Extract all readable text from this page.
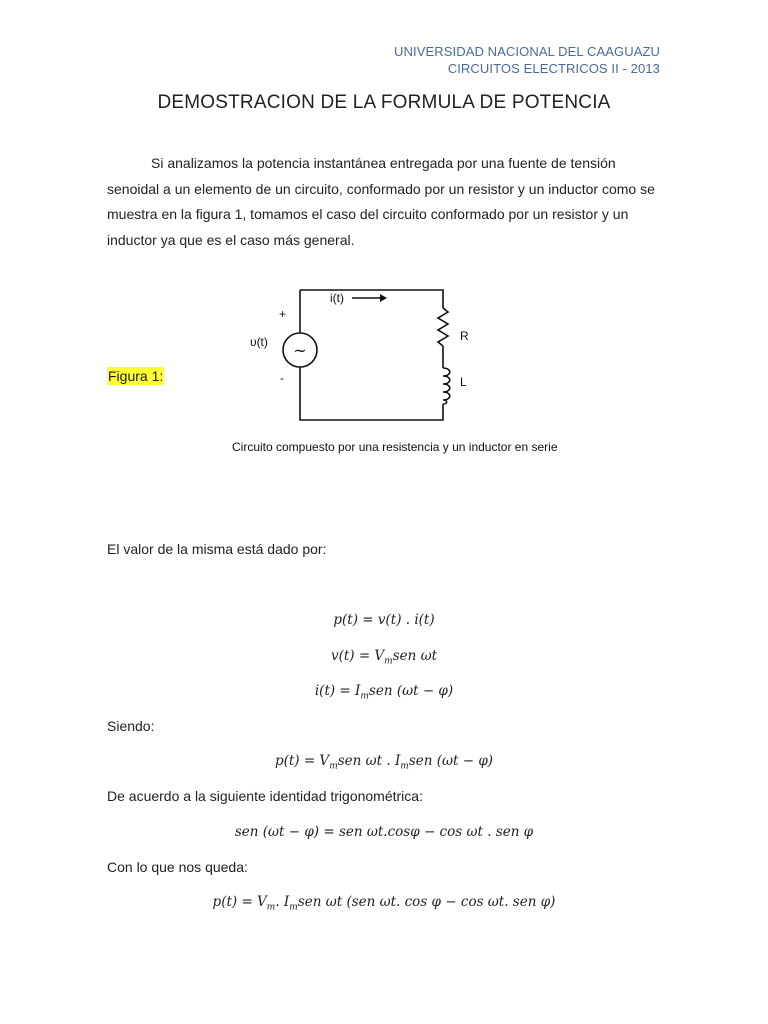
UNIVERSIDAD NACIONAL DEL CAAGUAZU
CIRCUITOS ELECTRICOS II - 2013
DEMOSTRACION DE LA FORMULA DE POTENCIA
Si analizamos la potencia instantánea entregada por una fuente de tensión
senoidal a un elemento de un circuito, conformado por un resistor y un inductor como se
muestra en la figura 1, tomamos el caso del circuito conformado por un resistor y un
inductor ya que es el caso más general.
Figura 1:
~
i(t)
+
-
υ(t)	R
L
Circuito compuesto por una resistencia y un inductor en serie
El valor de la misma está dado por:
p(t) = v(t) . i(t)
$v(t) = V_msen$ ωt
$i(t) = I_msen$ (ωt − φ)
Siendo:
$p(t) = V_msen$ ωt . $I_msen$ (ωt − φ)
De acuerdo a la siguiente identidad trigonométrica:
sen (ωt − φ) = sen ωt.cosφ − cos ωt . sen φ
Con lo que nos queda:
$p(t) = V_m$. $I_msen$ ωt (sen ωt. cos φ − cos ωt. sen φ)
